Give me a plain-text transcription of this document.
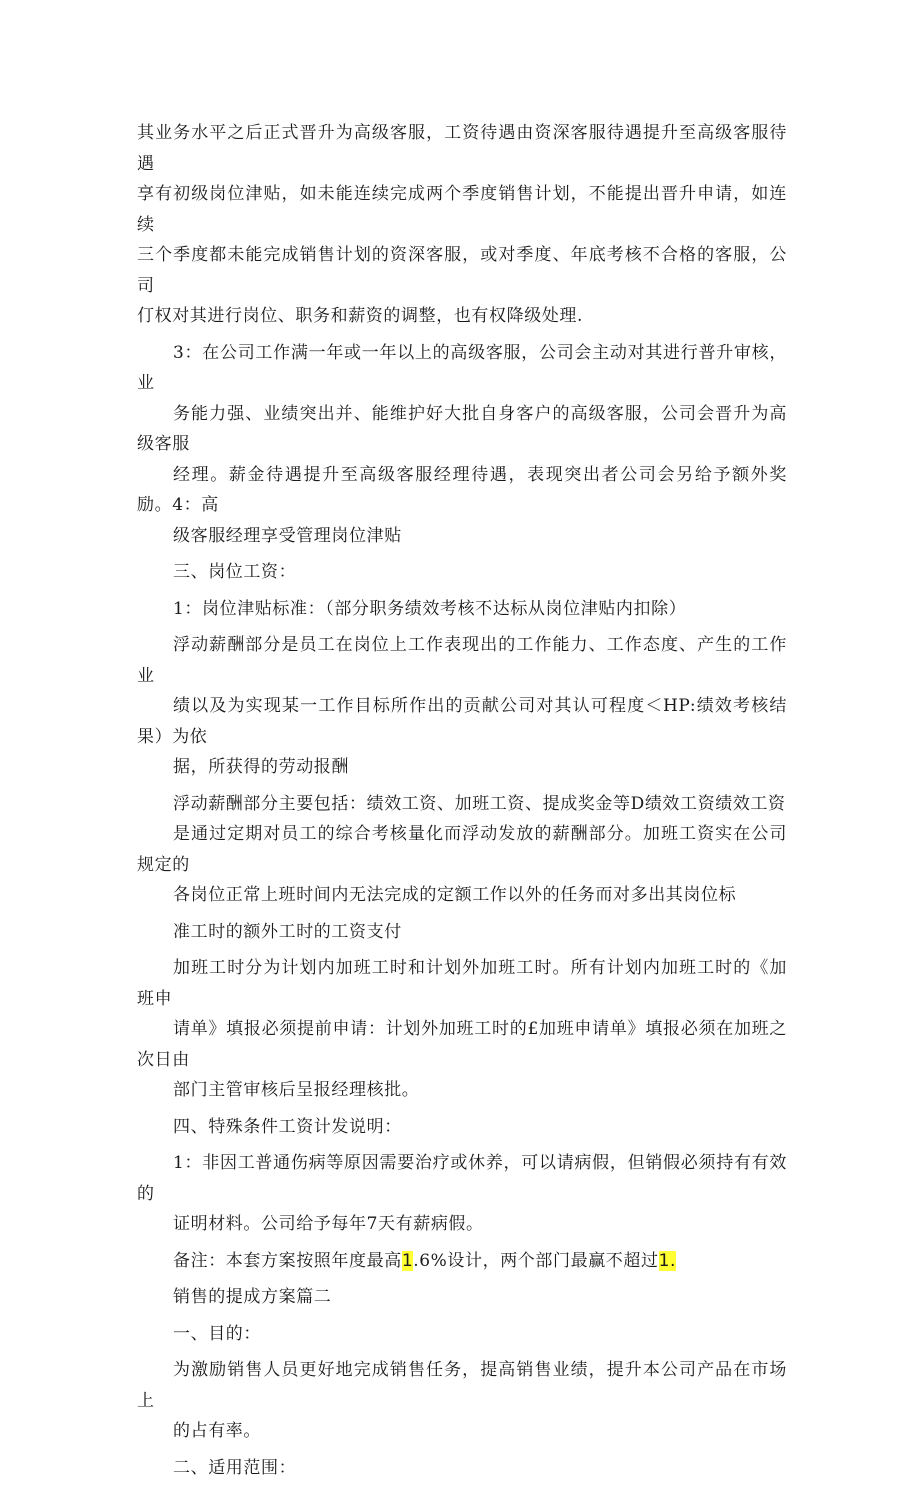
其业务水平之后正式晋升为高级客服，工资待遇由资深客服待遇提升至高级客服待遇
享有初级岗位津贴，如未能连续完成两个季度销售计划，不能提出晋升申请，如连续
三个季度都未能完成销售计划的资深客服，或对季度、年底考核不合格的客服，公司
仃权对其进行岗位、职务和薪资的调整，也有权降级处理.

3：在公司工作满一年或一年以上的高级客服，公司会主动对其进行普升审核，业
务能力强、业绩突出并、能维护好大批自身客户的高级客服，公司会晋升为高级客服
经理。薪金待遇提升至高级客服经理待遇，表现突出者公司会另给予额外奖励。4：高
级客服经理享受管理岗位津贴

三、岗位工资：

1：岗位津贴标准：（部分职务绩效考核不达标从岗位津贴内扣除）

浮动薪酬部分是员工在岗位上工作表现出的工作能力、工作态度、产生的工作业
绩以及为实现某一工作目标所作出的贡献公司对其认可程度＜HP:绩效考核结果）为依
据，所获得的劳动报酬

浮动薪酬部分主要包括：绩效工资、加班工资、提成奖金等D绩效工资绩效工资
是通过定期对员工的综合考核量化而浮动发放的薪酬部分。加班工资实在公司规定的
各岗位正常上班时间内无法完成的定额工作以外的任务而对多出其岗位标

准工时的额外工时的工资支付

加班工时分为计划内加班工时和计划外加班工时。所有计划内加班工时的《加班申
请单》填报必须提前申请：计划外加班工时的£加班申请单》填报必须在加班之次日由
部门主管审核后呈报经理核批。

四、特殊条件工资计发说明：

1：非因工普通伤病等原因需要治疗或休养，可以请病假，但销假必须持有有效的
证明材料。公司给予每年7天有薪病假。

备注：本套方案按照年度最高1.6%设计，两个部门最赢不超过1.

销售的提成方案篇二

一、目的：

为激励销售人员更好地完成销售任务，提高销售业绩，提升本公司产品在市场上
的占有率。

二、适用范围：
